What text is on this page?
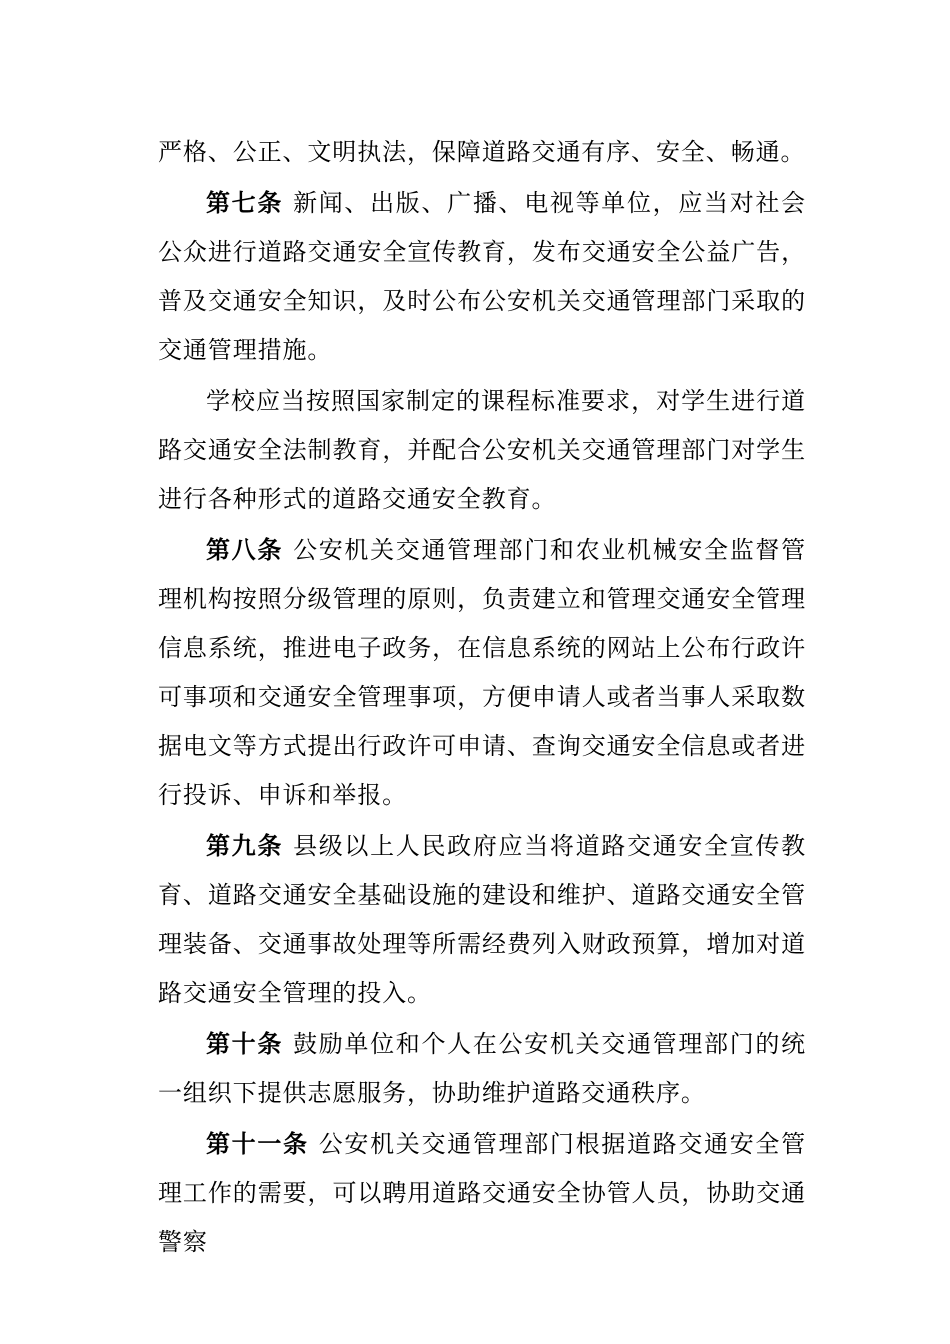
严格、公正、文明执法，保障道路交通有序、安全、畅通。

第七条 新闻、出版、广播、电视等单位，应当对社会公众进行道路交通安全宣传教育，发布交通安全公益广告，普及交通安全知识，及时公布公安机关交通管理部门采取的交通管理措施。

学校应当按照国家制定的课程标准要求，对学生进行道路交通安全法制教育，并配合公安机关交通管理部门对学生进行各种形式的道路交通安全教育。

第八条 公安机关交通管理部门和农业机械安全监督管理机构按照分级管理的原则，负责建立和管理交通安全管理信息系统，推进电子政务，在信息系统的网站上公布行政许可事项和交通安全管理事项，方便申请人或者当事人采取数据电文等方式提出行政许可申请、查询交通安全信息或者进行投诉、申诉和举报。

第九条 县级以上人民政府应当将道路交通安全宣传教育、道路交通安全基础设施的建设和维护、道路交通安全管理装备、交通事故处理等所需经费列入财政预算，增加对道路交通安全管理的投入。

第十条 鼓励单位和个人在公安机关交通管理部门的统一组织下提供志愿服务，协助维护道路交通秩序。

第十一条 公安机关交通管理部门根据道路交通安全管理工作的需要，可以聘用道路交通安全协管人员，协助交通警察
